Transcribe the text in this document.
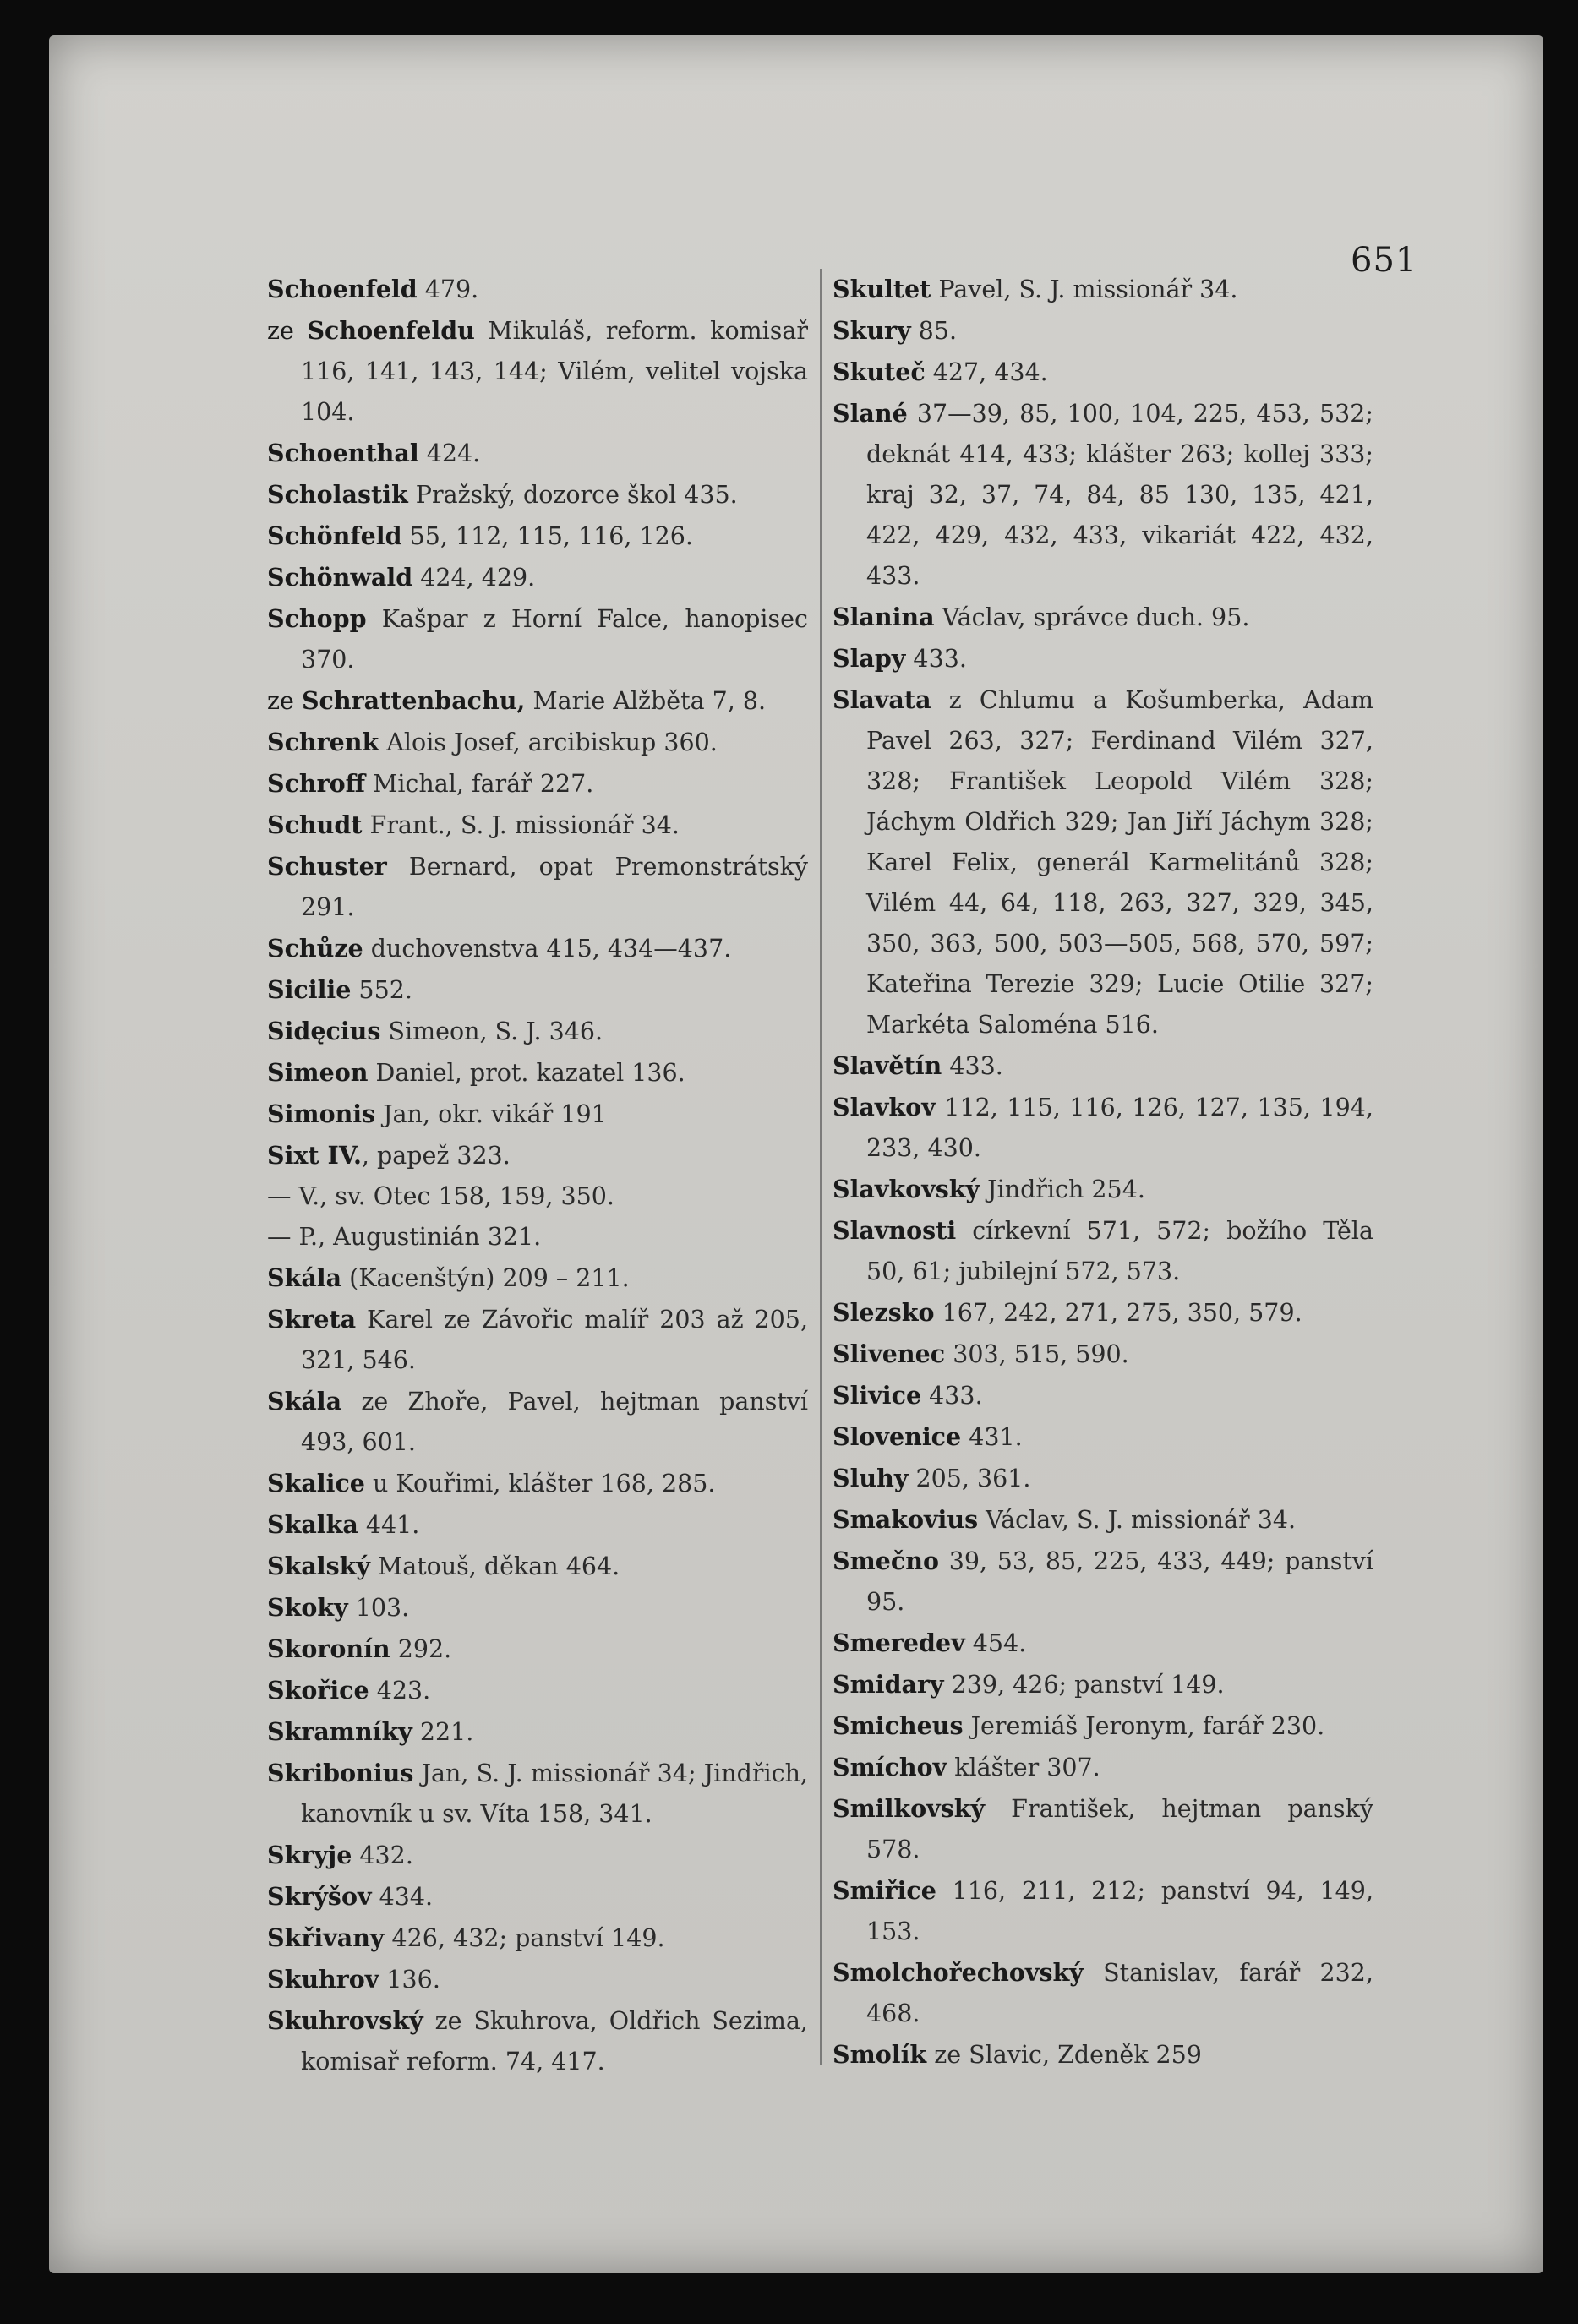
651

Schoenfeld 479.

ze Schoenfeldu Mikuláš, reform. komisař 116, 141, 143, 144; Vilém, velitel vojska 104.

Schoenthal 424.

Scholastik Pražský, dozorce škol 435.

Schönfeld 55, 112, 115, 116, 126.

Schönwald 424, 429.

Schopp Kašpar z Horní Falce, hanopisec 370.

ze Schrattenbachu, Marie Alžběta 7, 8.

Schrenk Alois Josef, arcibiskup 360.

Schroff Michal, farář 227.

Schudt Frant., S. J. missionář 34.

Schuster Bernard, opat Premonstrátský 291.

Schůze duchovenstva 415, 434—437.

Sicilie 552.

Sidęcius Simeon, S. J. 346.

Simeon Daniel, prot. kazatel 136.

Simonis Jan, okr. vikář 191

Sixt IV., papež 323.

— V., sv. Otec 158, 159, 350.

— P., Augustinián 321.

Skála (Kacenštýn) 209 – 211.

Skreta Karel ze Závořic malíř 203 až 205, 321, 546.

Skála ze Zhoře, Pavel, hejtman panství 493, 601.

Skalice u Kouřimi, klášter 168, 285.

Skalka 441.

Skalský Matouš, děkan 464.

Skoky 103.

Skoronín 292.

Skořice 423.

Skramníky 221.

Skribonius Jan, S. J. missionář 34; Jindřich, kanovník u sv. Víta 158, 341.

Skryje 432.

Skrýšov 434.

Skřivany 426, 432; panství 149.

Skuhrov 136.

Skuhrovský ze Skuhrova, Oldřich Sezima, komisař reform. 74, 417.

Skultet Pavel, S. J. missionář 34.

Skury 85.

Skuteč 427, 434.

Slané 37—39, 85, 100, 104, 225, 453, 532; deknát 414, 433; klášter 263; kollej 333; kraj 32, 37, 74, 84, 85 130, 135, 421, 422, 429, 432, 433, vikariát 422, 432, 433.

Slanina Václav, správce duch. 95.

Slapy 433.

Slavata z Chlumu a Košumberka, Adam Pavel 263, 327; Ferdinand Vilém 327, 328; František Leopold Vilém 328; Jáchym Oldřich 329; Jan Jiří Jáchym 328; Karel Felix, generál Karmelitánů 328; Vilém 44, 64, 118, 263, 327, 329, 345, 350, 363, 500, 503—505, 568, 570, 597; Kateřina Terezie 329; Lucie Otilie 327; Markéta Saloména 516.

Slavětín 433.

Slavkov 112, 115, 116, 126, 127, 135, 194, 233, 430.

Slavkovský Jindřich 254.

Slavnosti církevní 571, 572; božího Těla 50, 61; jubilejní 572, 573.

Slezsko 167, 242, 271, 275, 350, 579.

Slivenec 303, 515, 590.

Slivice 433.

Slovenice 431.

Sluhy 205, 361.

Smakovius Václav, S. J. missionář 34.

Smečno 39, 53, 85, 225, 433, 449; panství 95.

Smeredev 454.

Smidary 239, 426; panství 149.

Smicheus Jeremiáš Jeronym, farář 230.

Smíchov klášter 307.

Smilkovský František, hejtman panský 578.

Smiřice 116, 211, 212; panství 94, 149, 153.

Smolchořechovský Stanislav, farář 232, 468.

Smolík ze Slavic, Zdeněk 259
